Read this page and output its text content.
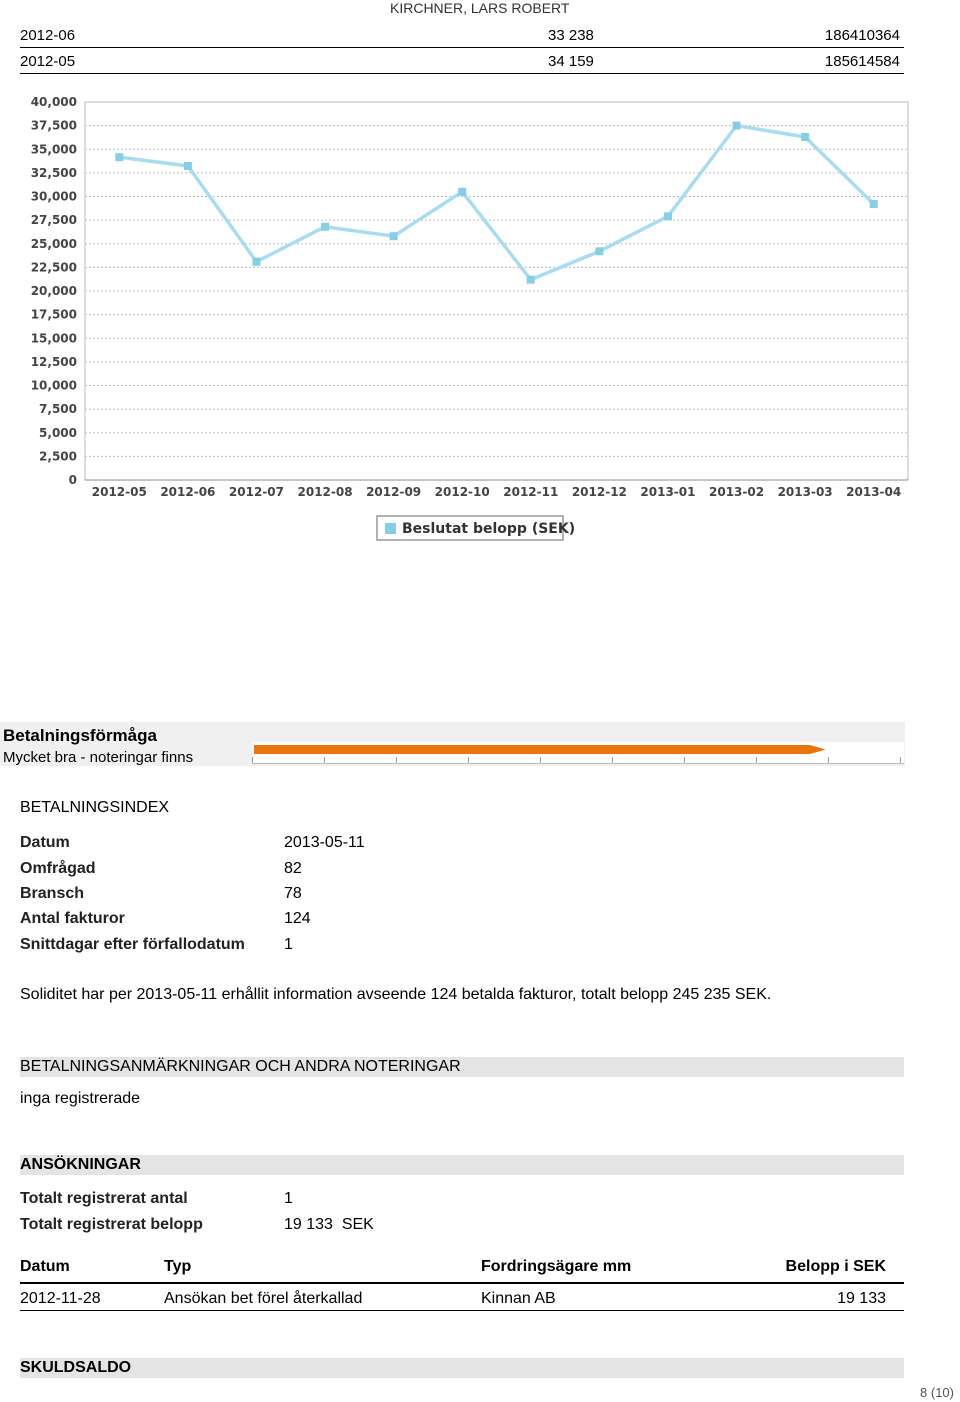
KIRCHNER, LARS ROBERT
2012-06	33 238	186410364
2012-05	34 159	185614584
0
2,500
5,000
7,500
10,000
12,500
15,000
17,500
20,000
22,500
25,000
27,500
30,000
32,500
35,000
37,500
40,000
2012-05 2012-06 2012-07 2012-08 2012-09 2012-10 2012-11 2012-12 2013-01 2013-02 2013-03 2013-04
Beslutat belopp (SEK)
Betalningsförmåga
Mycket bra - noteringar finns
BETALNINGSINDEX
Datum	2013-05-11
Omfrågad	82
Bransch	78
Antal fakturor	124
Snittdagar efter förfallodatum 1
Soliditet har per 2013-05-11 erhållit information avseende 124 betalda fakturor, totalt belopp 245 235 SEK.
BETALNINGSANMÄRKNINGAR OCH ANDRA NOTERINGAR
inga registrerade
ANSÖKNINGAR
Totalt registrerat antal	1
Totalt registrerat belopp	19 133  SEK
Datum	Typ	Fordringsägare mm	Belopp i SEK
2012-11-28	Ansökan bet förel återkallad	Kinnan AB	19 133
SKULDSALDO
8 (10)
